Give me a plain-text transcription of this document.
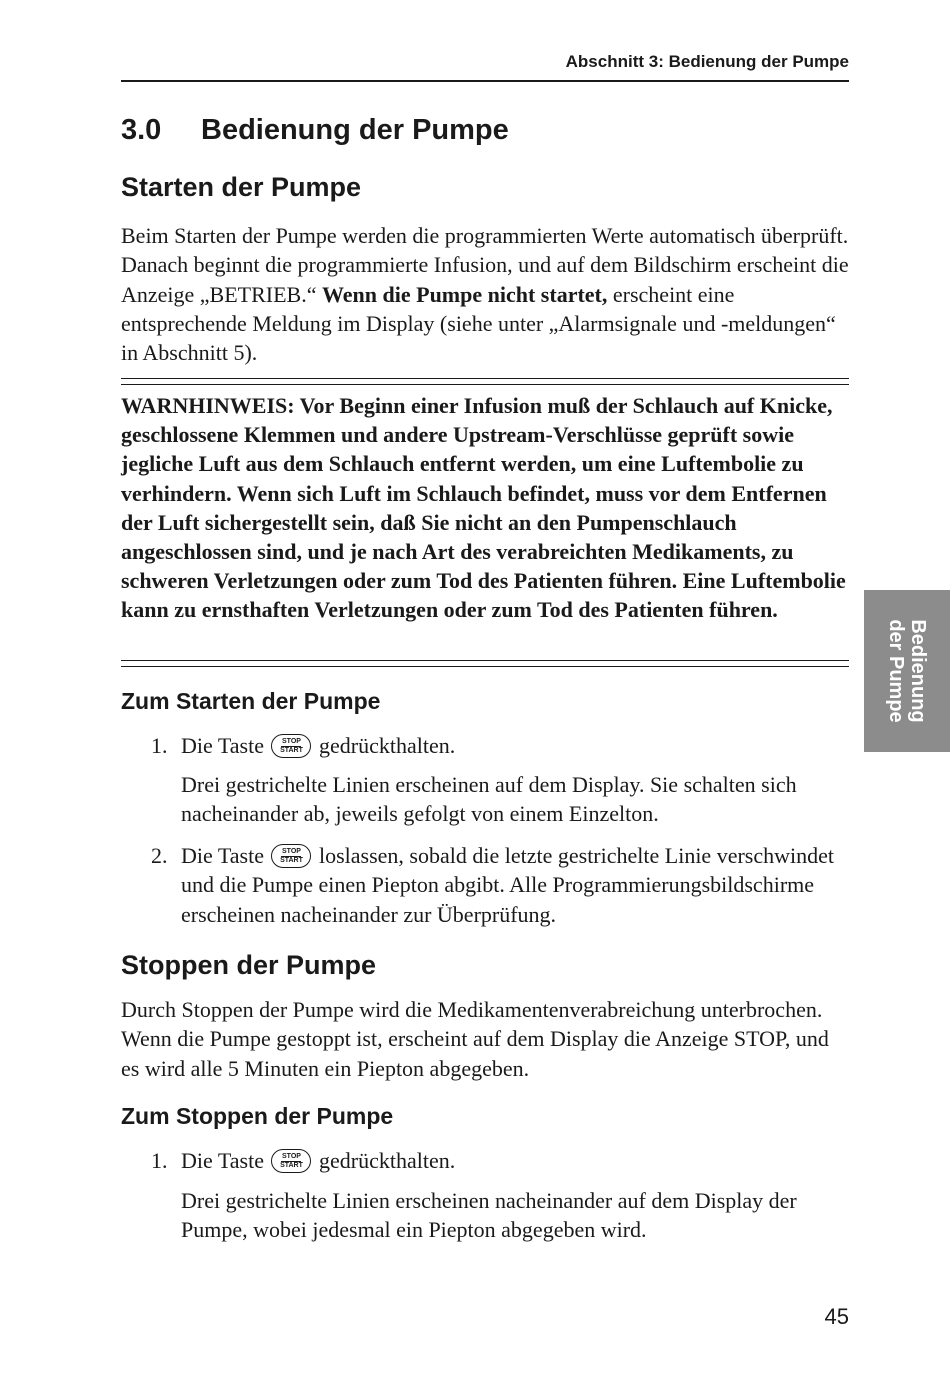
Abschnitt 3: Bedienung der Pumpe
3.0 Bedienung der Pumpe
Starten der Pumpe

Beim Starten der Pumpe werden die programmierten Werte automatisch überprüft. Danach beginnt die programmierte Infusion, und auf dem Bildschirm erscheint die Anzeige „BETRIEB.“ Wenn die Pumpe nicht startet, erscheint eine entsprechende Meldung im Display (siehe unter „Alarmsignale und -meldungen“ in Abschnitt 5).

WARNHINWEIS: Vor Beginn einer Infusion muß der Schlauch auf Knicke, geschlossene Klemmen und andere Upstream-Verschlüsse geprüft sowie jegliche Luft aus dem Schlauch entfernt werden, um eine Luftembolie zu verhindern. Wenn sich Luft im Schlauch befindet, muss vor dem Entfernen der Luft sichergestellt sein, daß Sie nicht an den Pumpenschlauch angeschlossen sind, und je nach Art des verabreichten Medikaments, zu schweren Verletzungen oder zum Tod des Patienten führen. Eine Luftembolie kann zu ernsthaften Verletzungen oder zum Tod des Patienten führen.

Zum Starten der Pumpe
1. Die Taste	STOP
START gedrückthalten.

Drei gestrichelte Linien erscheinen auf dem Display. Sie schalten sich nacheinander ab, jeweils gefolgt von einem Einzelton.

2. Die Taste	STOP
START loslassen, sobald die letzte gestrichelte Linie verschwindet und die Pumpe einen Piepton abgibt. Alle Programmierungsbildschirme erscheinen nacheinander zur Überprüfung.
Stoppen der Pumpe

Durch Stoppen der Pumpe wird die Medikamentenverabreichung unterbrochen. Wenn die Pumpe gestoppt ist, erscheint auf dem Display die Anzeige STOP, und es wird alle 5 Minuten ein Piepton abgegeben.

Zum Stoppen der Pumpe
1. Die Taste	STOP
START gedrückthalten.

Drei gestrichelte Linien erscheinen nacheinander auf dem Display der Pumpe, wobei jedesmal ein Piepton abgegeben wird.

Bedienung
der Pumpe
45
